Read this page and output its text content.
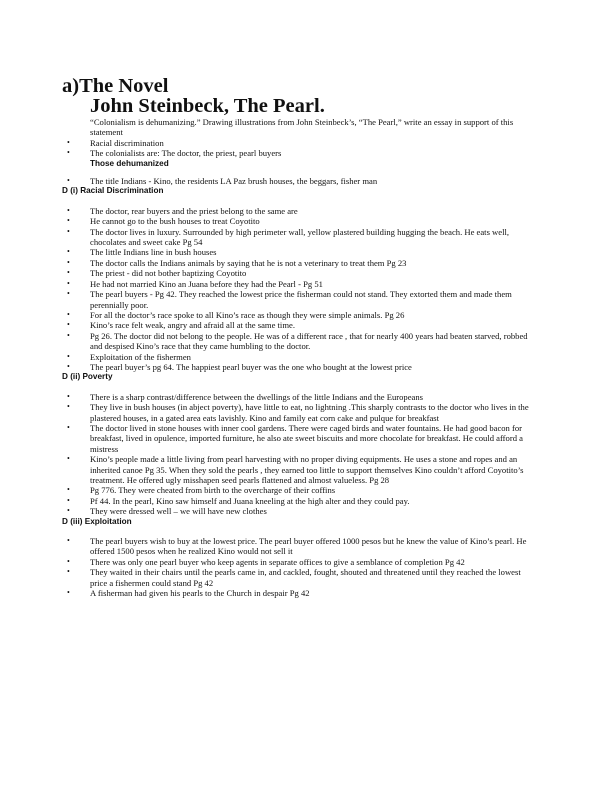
a)The Novel
John Steinbeck, The Pearl.
“Colonialism is dehumanizing.” Drawing illustrations from John Steinbeck’s, “The Pearl,” write an essay in support of this statement
• Racial discrimination
• The colonialists are: The doctor, the priest, pearl buyers
Those dehumanized
• The title Indians - Kino, the residents LA Paz brush houses, the beggars, fisher man
D (i) Racial Discrimination
• The doctor, rear buyers and the priest belong to the same are
• He cannot go to the bush houses to treat Coyotito
• The doctor lives in luxury. Surrounded by high perimeter wall, yellow plastered building hugging the beach. He eats well, chocolates and sweet cake Pg 54
• The little Indians line in bush houses
• The doctor calls the Indians animals by saying that he is not a veterinary to treat them Pg 23
• The priest - did not bother baptizing Coyotito
• He had not married Kino an Juana before they had the Pearl - Pg 51
• The pearl buyers - Pg 42. They reached the lowest price the fisherman could not stand. They extorted them and made them perennially poor.
• For all the doctor’s race spoke to all Kino’s race as though they were simple animals. Pg 26
• Kino’s race felt weak, angry and afraid all at the same time.
• Pg 26. The doctor did not belong to the people. He was of a different race , that for nearly 400 years had beaten starved, robbed and despised Kino’s race that they came humbling to the doctor.
• Exploitation of the fishermen
• The pearl buyer’s pg 64. The happiest pearl buyer was the one who bought at the lowest price
D (ii) Poverty
• There is a sharp contrast/difference between the dwellings of the little Indians and the Europeans
• They live in bush houses (in abject poverty), have little to eat, no lightning .This sharply contrasts to the doctor who lives in the plastered houses, in a gated area eats lavishly. Kino and family eat corn cake and pulque for breakfast
• The doctor lived in stone houses with inner cool gardens. There were caged birds and water fountains. He had good bacon for breakfast, lived in opulence, imported furniture, he also ate sweet biscuits and more chocolate for breakfast. He could afford a mistress
• Kino’s people made a little living from pearl harvesting with no proper diving equipments. He uses a stone and ropes and an inherited canoe Pg 35. When they sold the pearls , they earned too little to support themselves Kino couldn’t afford Coyotito’s treatment. He offered ugly misshapen seed pearls flattened and almost valueless. Pg 28
• Pg 776. They were cheated from birth to the overcharge of their coffins
• Pf 44. In the pearl, Kino saw himself and Juana kneeling at the high alter and they could pay.
• They were dressed well – we will have new clothes
D (iii) Exploitation
• The pearl buyers wish to buy at the lowest price. The pearl buyer offered 1000 pesos but he knew the value of Kino’s pearl. He offered 1500 pesos when he realized Kino would not sell it
• There was only one pearl buyer who keep agents in separate offices to give a semblance of completion Pg 42
• They waited in their chairs until the pearls came in, and cackled, fought, shouted and threatened until they reached the lowest price a fishermen could stand Pg 42
• A fisherman had given his pearls to the Church in despair Pg 42
